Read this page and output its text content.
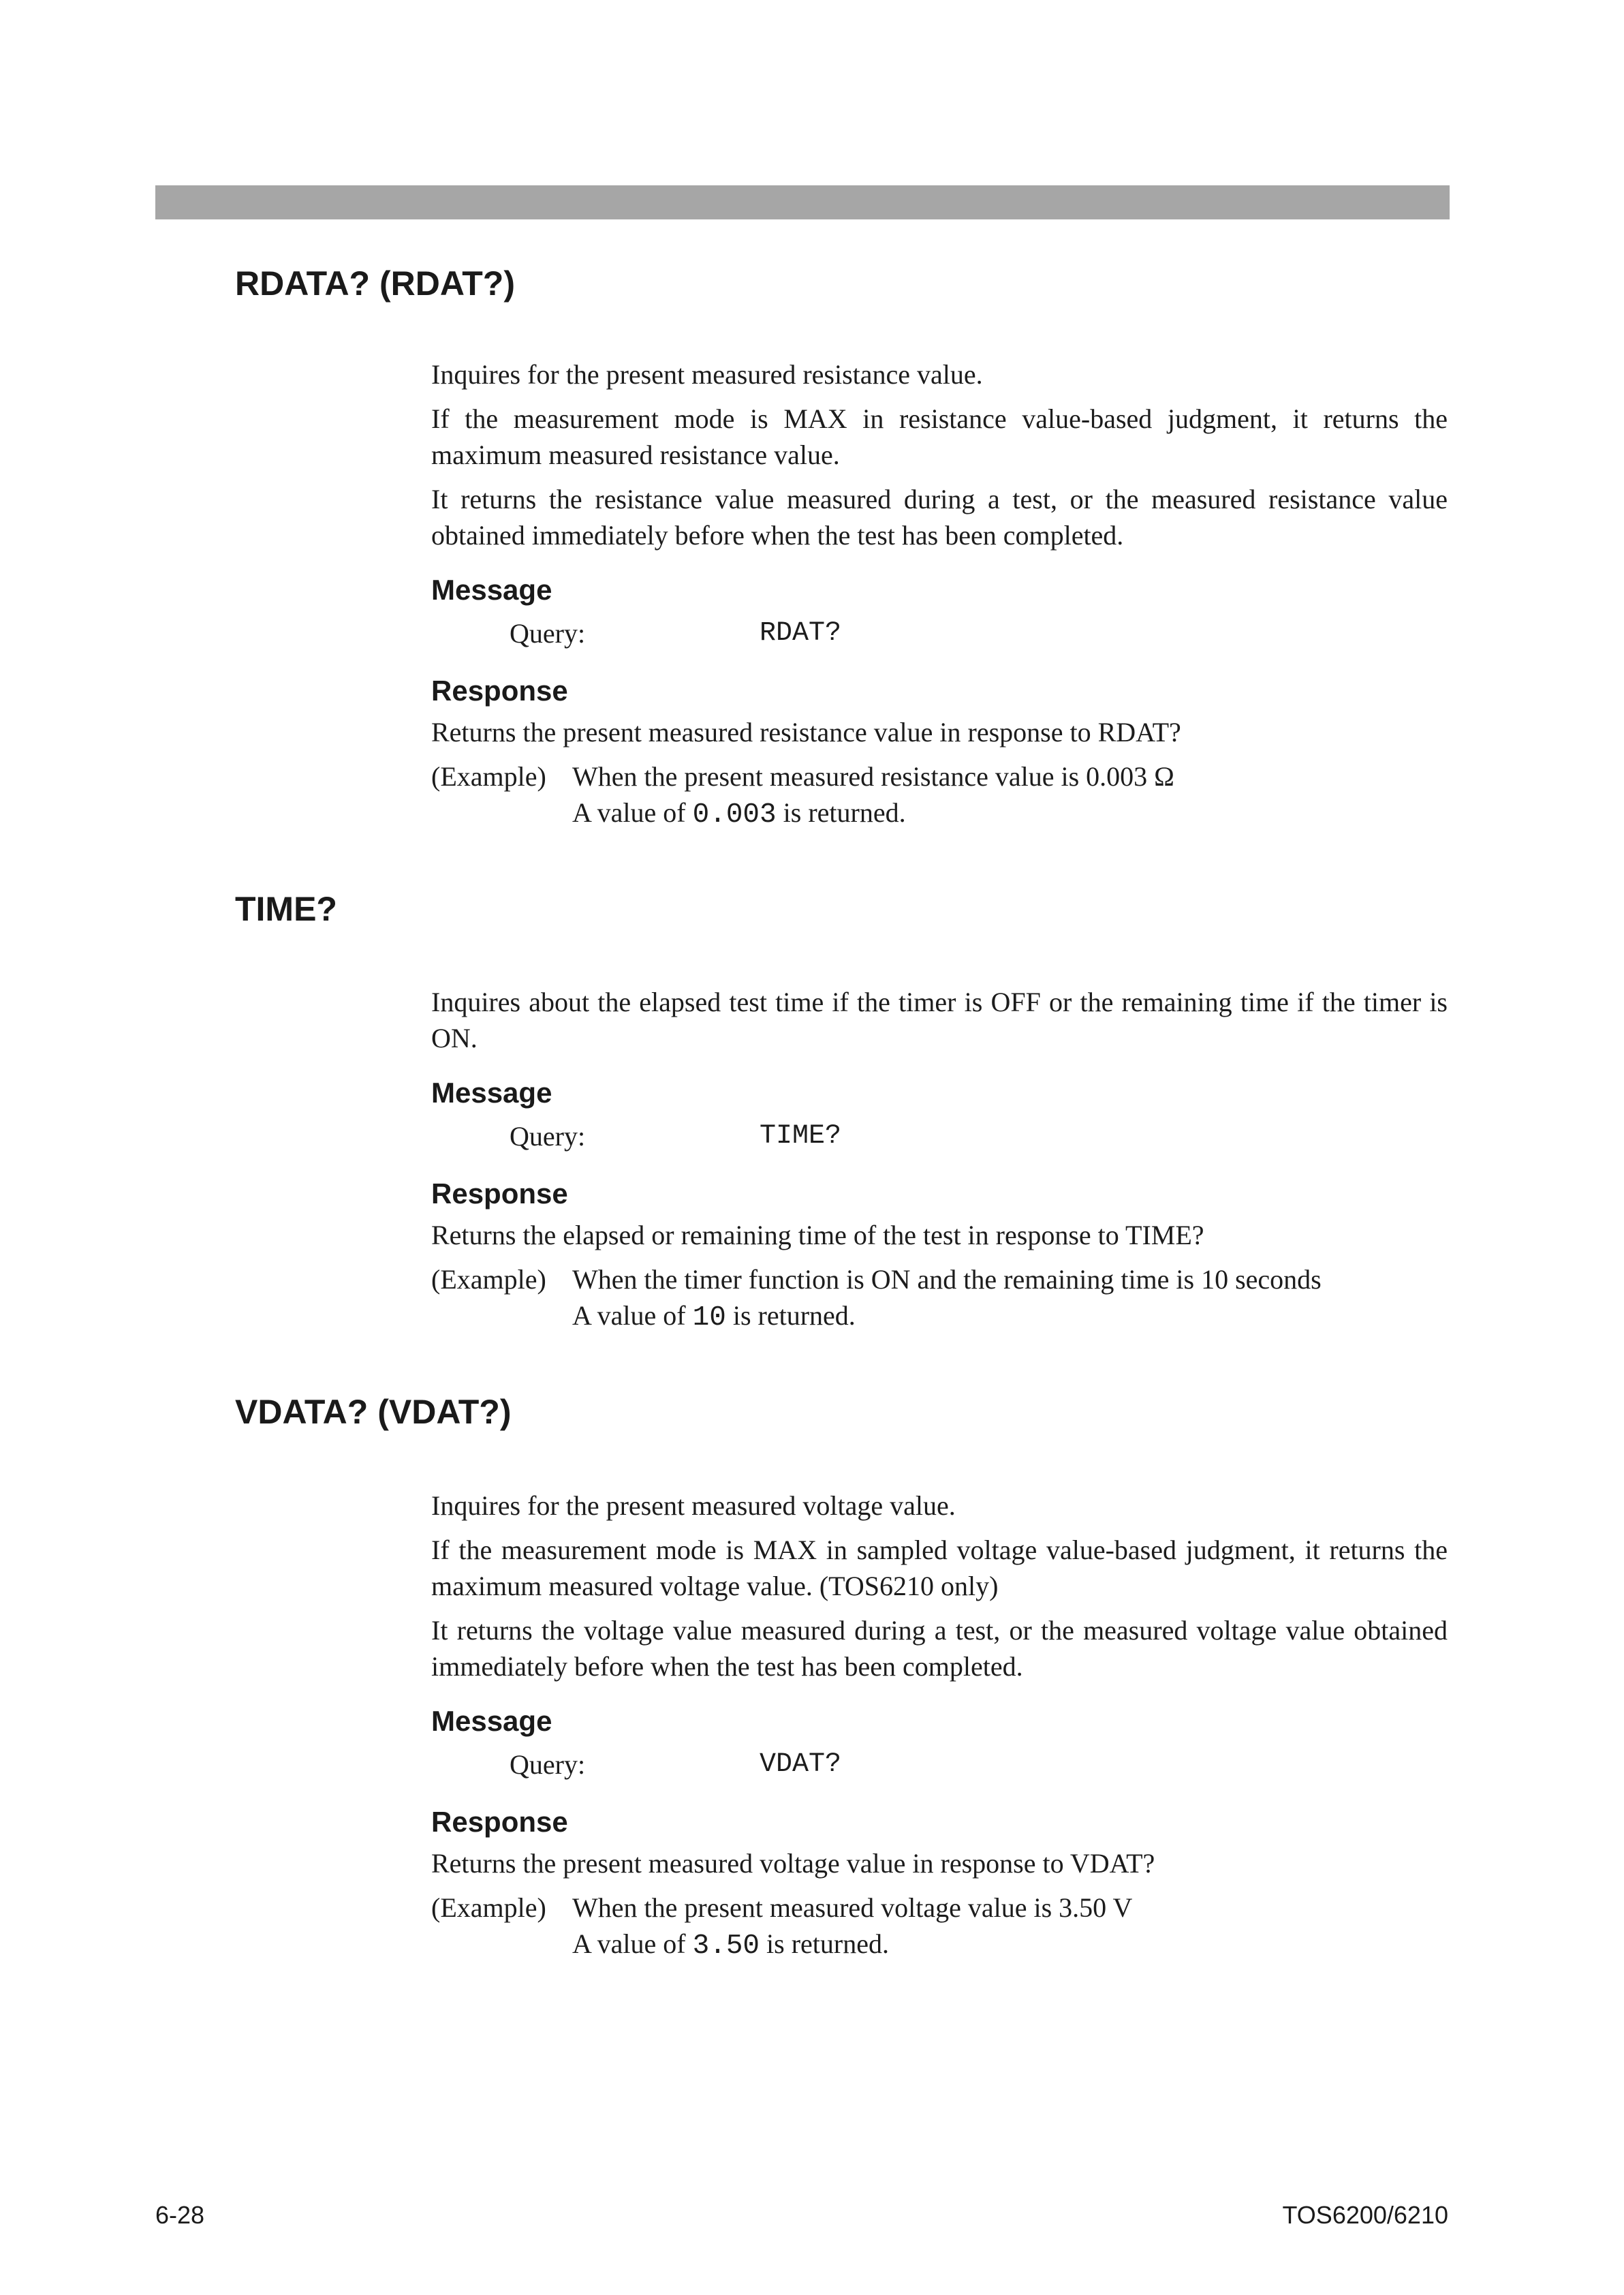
RDATA? (RDAT?)

Inquires for the present measured resistance value.

If the measurement mode is MAX in resistance value-based judgment, it returns the maximum measured resistance value.

It returns the resistance value measured during a test, or the measured resistance value obtained immediately before when the test has been completed.

Message
Query:	RDAT?
Response

Returns the present measured resistance value in response to RDAT?

(Example) When the present measured resistance value is 0.003 Ω
A value of 0.003 is returned.
TIME?

Inquires about the elapsed test time if the timer is OFF or the remaining time if the timer is ON.

Message
Query:	TIME?
Response

Returns the elapsed or remaining time of the test in response to TIME?

(Example) When the timer function is ON and the remaining time is 10 seconds
A value of 10 is returned.
VDATA? (VDAT?)

Inquires for the present measured voltage value.

If the measurement mode is MAX in sampled voltage value-based judgment, it returns the maximum measured voltage value. (TOS6210 only)

It returns the voltage value measured during a test, or the measured voltage value obtained immediately before when the test has been completed.

Message
Query:	VDAT?
Response

Returns the present measured voltage value in response to VDAT?

(Example) When the present measured voltage value is 3.50 V
A value of 3.50 is returned.
6-28	TOS6200/6210
